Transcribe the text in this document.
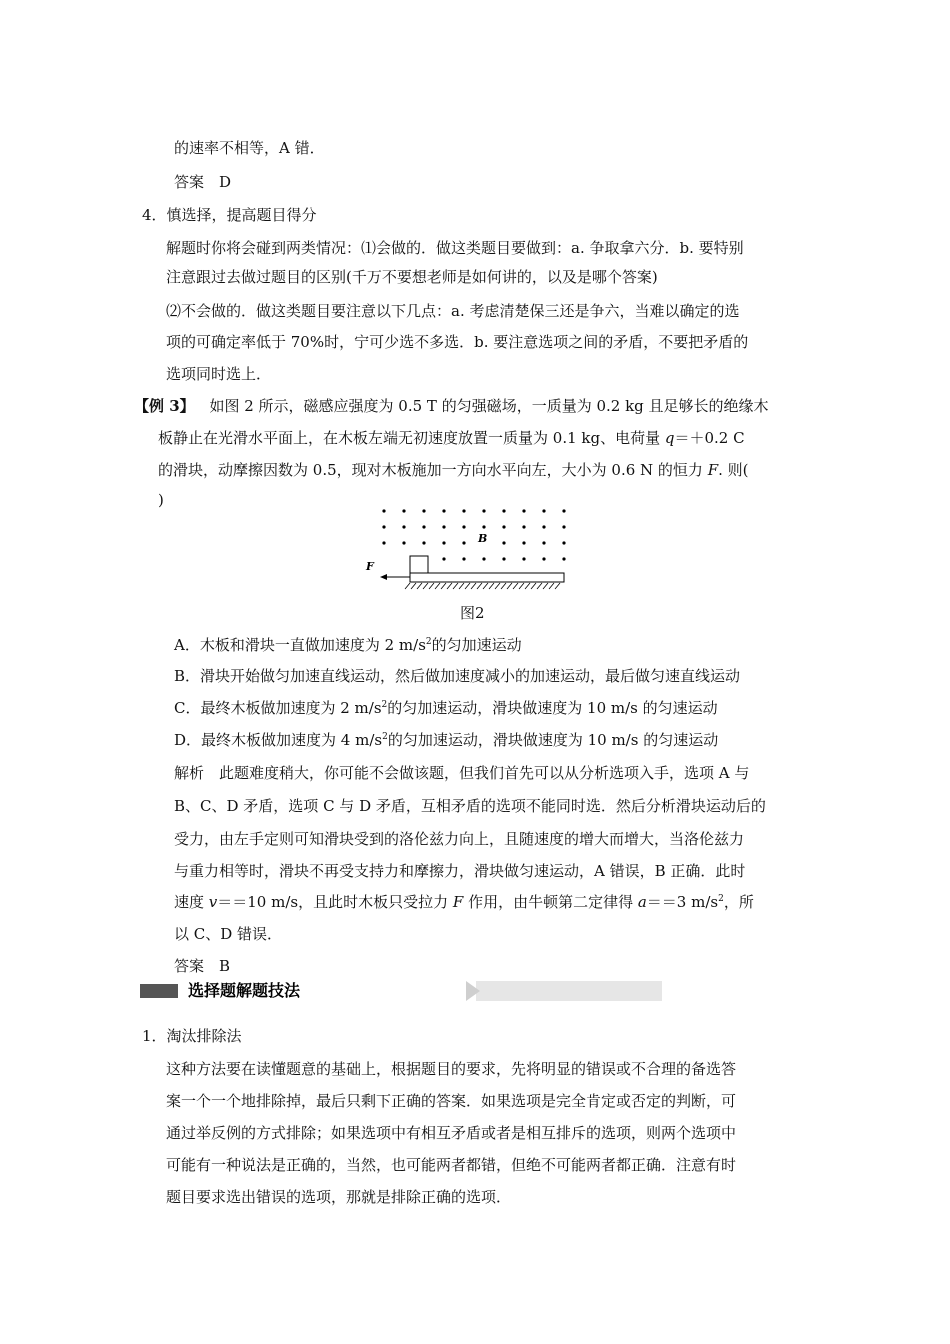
的速率不相等，A 错．
答案　D
4．慎选择，提高题目得分
解题时你将会碰到两类情况：⑴会做的．做这类题目要做到：a. 争取拿六分．b. 要特别
注意跟过去做过题目的区别(千万不要想老师是如何讲的，以及是哪个答案)
⑵不会做的．做这类题目要注意以下几点：a. 考虑清楚保三还是争六，当难以确定的选
项的可确定率低于 70%时，宁可少选不多选．b. 要注意选项之间的矛盾，不要把矛盾的
选项同时选上．
【例 3】 如图 2 所示，磁感应强度为 0.5 T 的匀强磁场，一质量为 0.2 kg 且足够长的绝缘木
板静止在光滑水平面上，在木板左端无初速度放置一质量为 0.1 kg、电荷量 q＝＋0.2 C
的滑块，动摩擦因数为 0.5，现对木板施加一方向水平向左，大小为 0.6 N 的恒力 F. 则(
)
B
F
图2
A．木板和滑块一直做加速度为 2 $m/s^2$的匀加速运动
B．滑块开始做匀加速直线运动，然后做加速度减小的加速运动，最后做匀速直线运动
C．最终木板做加速度为 2 $m/s^2$的匀加速运动，滑块做速度为 10 m/s 的匀速运动
D．最终木板做加速度为 4 $m/s^2$的匀加速运动，滑块做速度为 10 m/s 的匀速运动
解析　此题难度稍大，你可能不会做该题，但我们首先可以从分析选项入手，选项 A 与
B、C、D 矛盾，选项 C 与 D 矛盾，互相矛盾的选项不能同时选．然后分析滑块运动后的
受力，由左手定则可知滑块受到的洛伦兹力向上，且随速度的增大而增大，当洛伦兹力
与重力相等时，滑块不再受支持力和摩擦力，滑块做匀速运动，A 错误，B 正确．此时
速度 v＝＝10 m/s，且此时木板只受拉力 F 作用，由牛顿第二定律得 a＝＝3 $m/s^2$，所
以 C、D 错误．
答案　B
选择题解题技法
1．淘汰排除法
这种方法要在读懂题意的基础上，根据题目的要求，先将明显的错误或不合理的备选答
案一个一个地排除掉，最后只剩下正确的答案．如果选项是完全肯定或否定的判断，可
通过举反例的方式排除；如果选项中有相互矛盾或者是相互排斥的选项，则两个选项中
可能有一种说法是正确的，当然，也可能两者都错，但绝不可能两者都正确．注意有时
题目要求选出错误的选项，那就是排除正确的选项．
